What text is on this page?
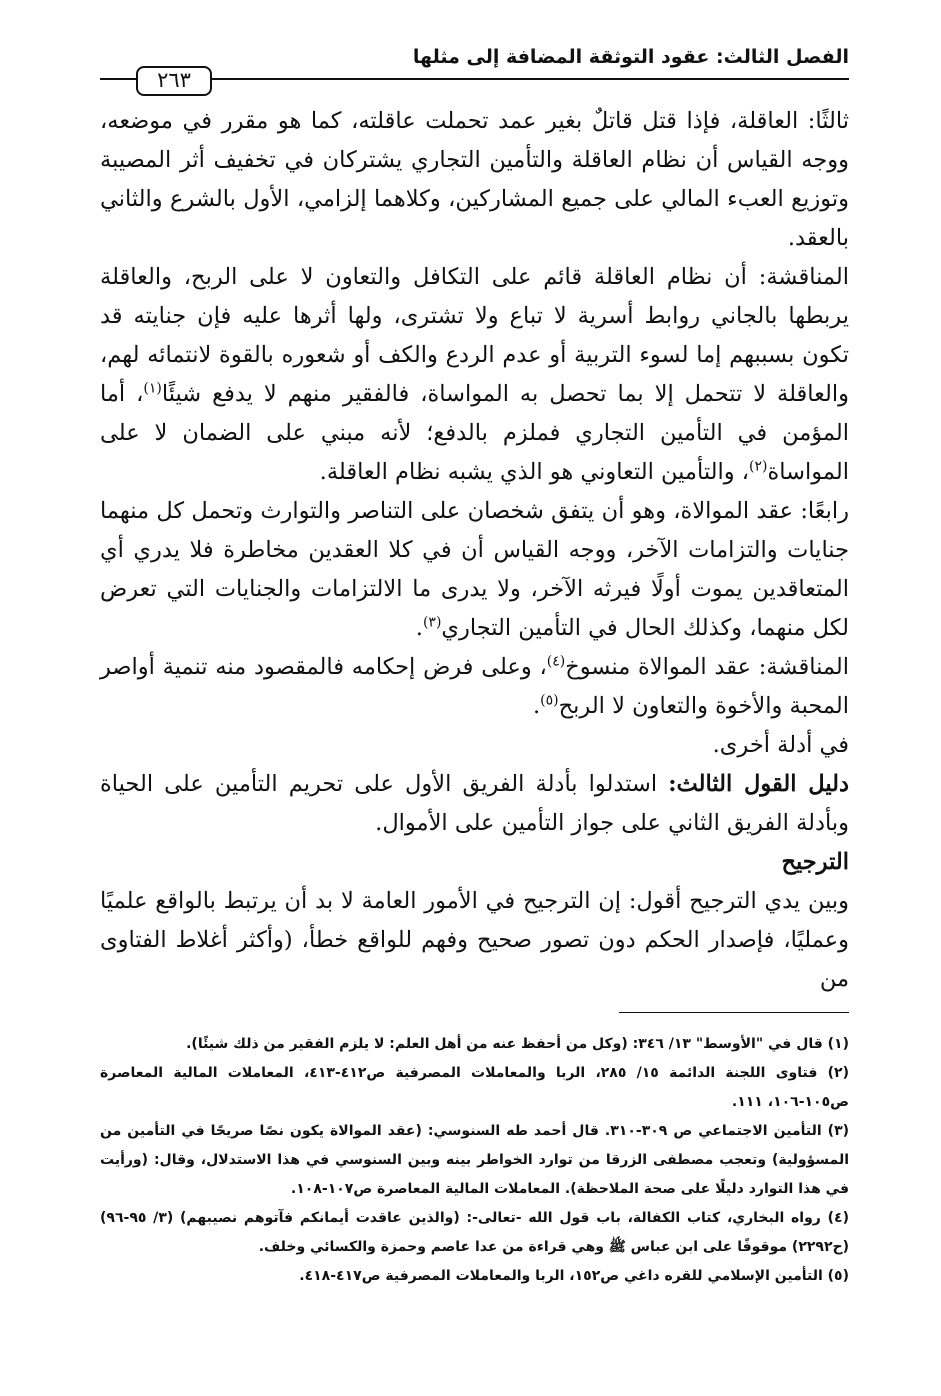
الفصل الثالث: عقود التوثقة المضافة إلى مثلها
٢٦٣

ثالثًا: العاقلة، فإذا قتل قاتلٌ بغير عمد تحملت عاقلته، كما هو مقرر في موضعه، ووجه القياس أن نظام العاقلة والتأمين التجاري يشتركان في تخفيف أثر المصيبة وتوزيع العبء المالي على جميع المشاركين، وكلاهما إلزامي، الأول بالشرع والثاني بالعقد.

المناقشة: أن نظام العاقلة قائم على التكافل والتعاون لا على الربح، والعاقلة يربطها بالجاني روابط أسرية لا تباع ولا تشترى، ولها أثرها عليه فإن جنايته قد تكون بسببهم إما لسوء التربية أو عدم الردع والكف أو شعوره بالقوة لانتمائه لهم، والعاقلة لا تتحمل إلا بما تحصل به المواساة، فالفقير منهم لا يدفع شيئًا$^{(١)}$، أما المؤمن في التأمين التجاري فملزم بالدفع؛ لأنه مبني على الضمان لا على المواساة$^{(٢)}$، والتأمين التعاوني هو الذي يشبه نظام العاقلة.

رابعًا: عقد الموالاة، وهو أن يتفق شخصان على التناصر والتوارث وتحمل كل منهما جنايات والتزامات الآخر، ووجه القياس أن في كلا العقدين مخاطرة فلا يدري أي المتعاقدين يموت أولًا فيرثه الآخر، ولا يدرى ما الالتزامات والجنايات التي تعرض لكل منهما، وكذلك الحال في التأمين التجاري$^{(٣)}$.

المناقشة: عقد الموالاة منسوخ$^{(٤)}$، وعلى فرض إحكامه فالمقصود منه تنمية أواصر المحبة والأخوة والتعاون لا الربح$^{(٥)}$.

في أدلة أخرى.

دليل القول الثالث: استدلوا بأدلة الفريق الأول على تحريم التأمين على الحياة وبأدلة الفريق الثاني على جواز التأمين على الأموال.

الترجيح

وبين يدي الترجيح أقول: إن الترجيح في الأمور العامة لا بد أن يرتبط بالواقع علميًا وعمليًا، فإصدار الحكم دون تصور صحيح وفهم للواقع خطأ، (وأكثر أغلاط الفتاوى من

(١) قال في "الأوسط" ١٣/ ٣٤٦: (وكل من أحفظ عنه من أهل العلم: لا يلزم الفقير من ذلك شيئًا).

(٢) فتاوى اللجنة الدائمة ١٥/ ٢٨٥، الربا والمعاملات المصرفية ص٤١٢-٤١٣، المعاملات المالية المعاصرة ص١٠٥-١٠٦، ١١١.

(٣) التأمين الاجتماعي ص ٣٠٩-٣١٠. قال أحمد طه السنوسي: (عقد الموالاة يكون نصًا صريحًا في التأمين من المسؤولية) وتعجب مصطفى الزرقا من توارد الخواطر بينه وبين السنوسي في هذا الاستدلال، وقال: (ورأيت في هذا التوارد دليلًا على صحة الملاحظة). المعاملات المالية المعاصرة ص١٠٧-١٠٨.

(٤) رواه البخاري، كتاب الكفالة، باب قول الله -تعالى-: (والذين عاقدت أيمانكم فآتوهم نصيبهم) (٣/ ٩٥-٩٦) (ح٢٢٩٢) موقوفًا على ابن عباس ﷺ وهي قراءة من عدا عاصم وحمزة والكسائي وخلف.

(٥) التأمين الإسلامي للقره داغي ص١٥٢، الربا والمعاملات المصرفية ص٤١٧-٤١٨.
